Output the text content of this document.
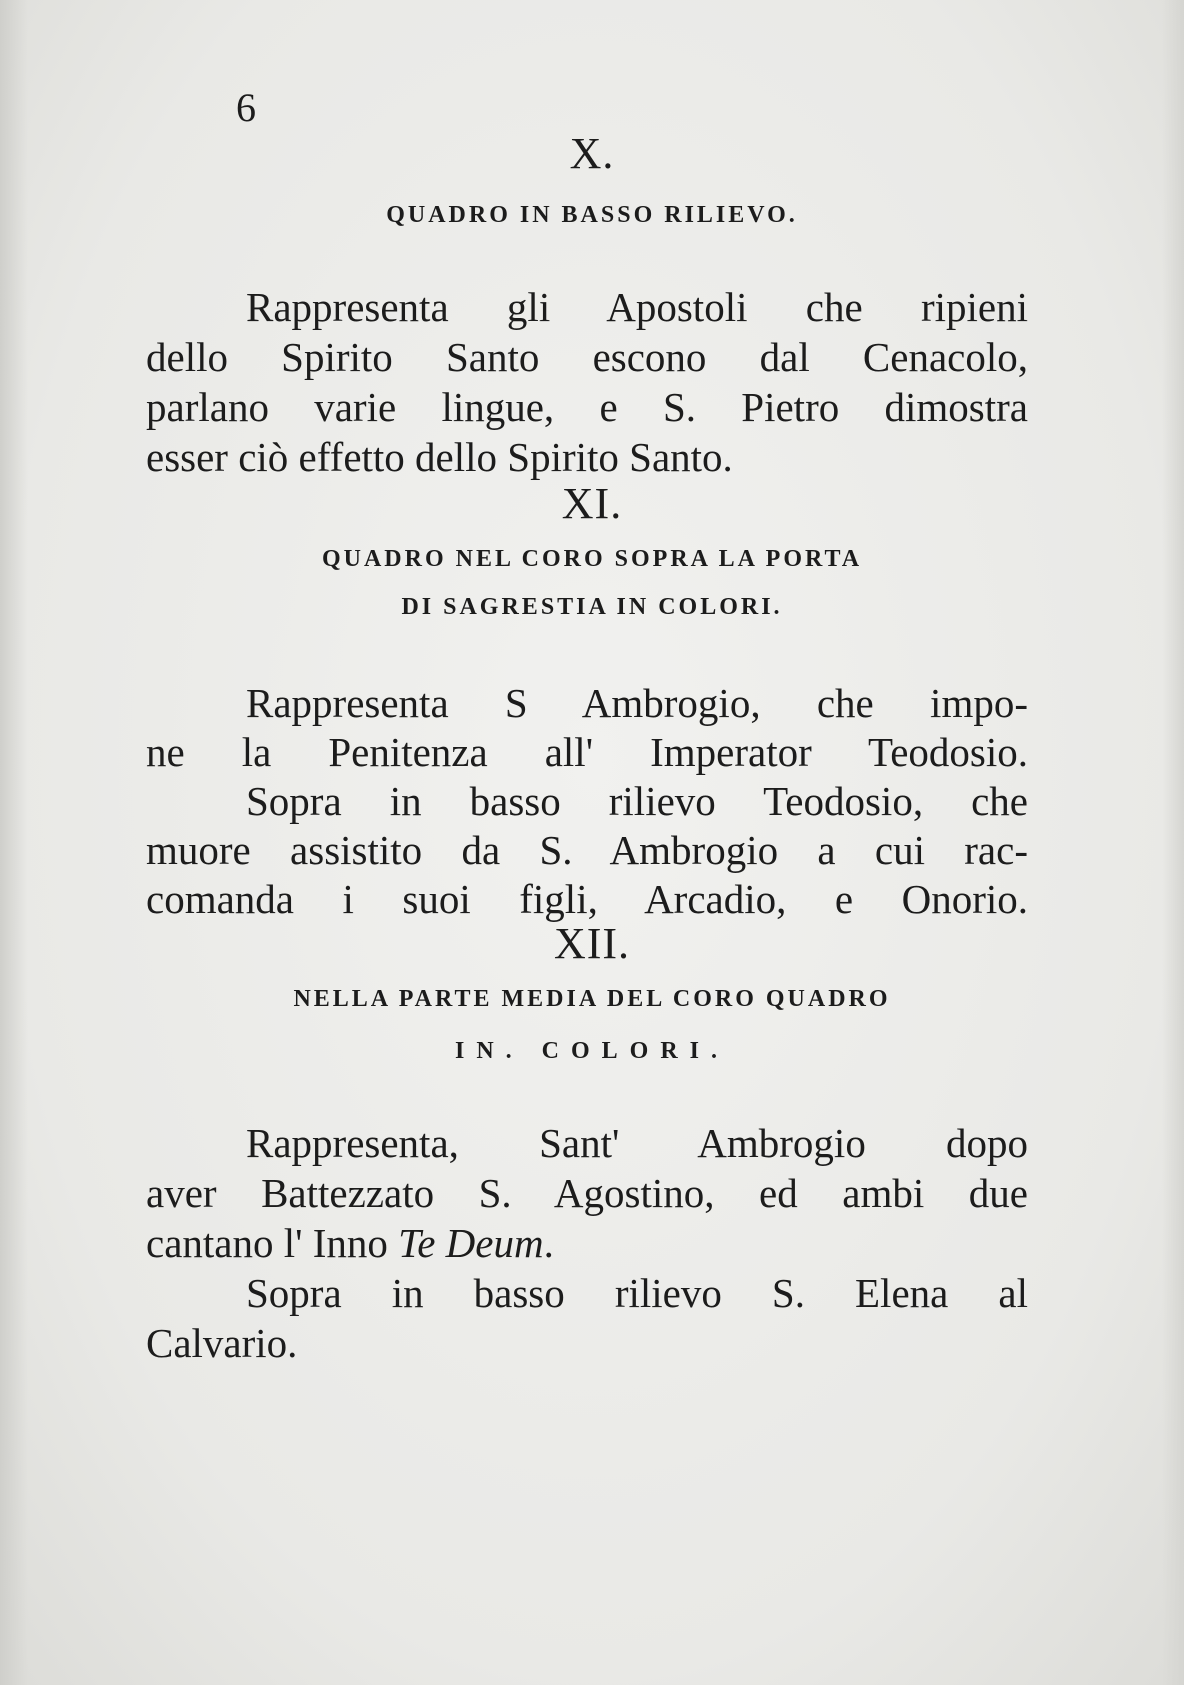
6
X.
QUADRO IN BASSO RILIEVO.
Rappresenta gli Apostoli che ripieni
dello Spirito Santo escono dal Cenacolo,
parlano varie lingue, e S. Pietro dimostra
esser ciò effetto dello Spirito Santo.
XI.
QUADRO NEL CORO SOPRA LA PORTA
DI SAGRESTIA IN COLORI.
Rappresenta S Ambrogio, che impo-
ne la Penitenza all' Imperator Teodosio.
Sopra in basso rilievo Teodosio, che
muore assistito da S. Ambrogio a cui rac-
comanda i suoi figli, Arcadio, e Onorio.
XII.
NELLA PARTE MEDIA DEL CORO QUADRO
IN. COLORI.
Rappresenta, Sant' Ambrogio dopo
aver Battezzato S. Agostino, ed ambi due
cantano l' Inno Te Deum.
Sopra in basso rilievo S. Elena al
Calvario.
